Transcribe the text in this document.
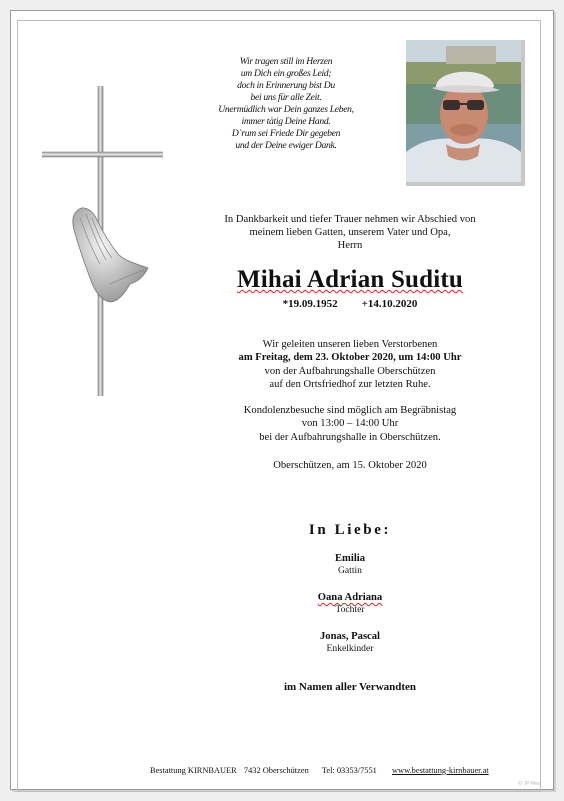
Wir tragen still im Herzen
um Dich ein großes Leid;
doch in Erinnerung bist Du
bei uns für alle Zeit.
Unermüdlich war Dein ganzes Leben,
immer tätig Deine Hand.
D`rum sei Friede Dir gegeben
und der Deine ewiger Dank.
In Dankbarkeit und tiefer Trauer nehmen wir Abschied von
meinem lieben Gatten, unserem Vater und Opa,
Herrn
Mihai Adrian Suditu
*19.09.1952 +14.10.2020
Wir geleiten unseren lieben Verstorbenen
am Freitag, dem 23. Oktober 2020, um 14:00 Uhr
von der Aufbahrungshalle Oberschützen
auf den Ortsfriedhof zur letzten Ruhe.
Kondolenzbesuche sind möglich am Begräbnistag
von 13:00 – 14:00 Uhr
bei der Aufbahrungshalle in Oberschützen.
Oberschützen, am 15. Oktober 2020
In Liebe:
Emilia
Gattin
Oana Adriana
Tochter
Jonas, Pascal
Enkelkinder
im Namen aller Verwandten
Bestattung KIRNBAUER 7432 Oberschützen Tel: 03353/7551 www.bestattung-kirnbauer.at
© IP Mec
